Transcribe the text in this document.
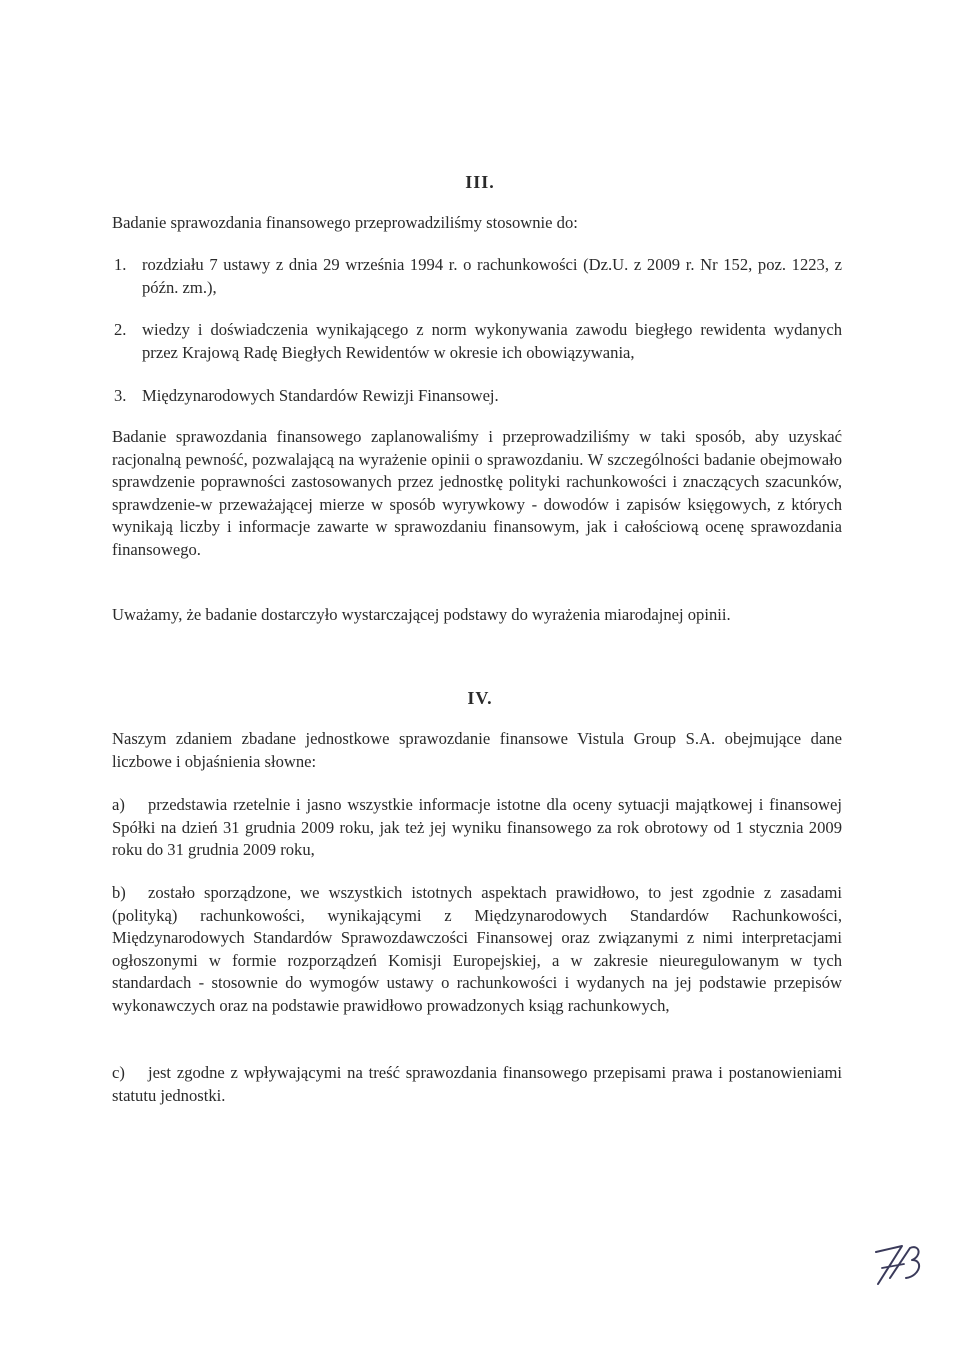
III.
Badanie sprawozdania finansowego przeprowadziliśmy stosownie do:
1. rozdziału 7 ustawy z dnia 29 września 1994 r. o rachunkowości (Dz.U. z 2009 r. Nr 152, poz. 1223, z późn. zm.),
2. wiedzy i doświadczenia wynikającego z norm wykonywania zawodu biegłego rewidenta wydanych przez Krajową Radę Biegłych Rewidentów w okresie ich obowiązywania,
3. Międzynarodowych Standardów Rewizji Finansowej.
Badanie sprawozdania finansowego zaplanowaliśmy i przeprowadziliśmy w taki sposób, aby uzyskać racjonalną pewność, pozwalającą na wyrażenie opinii o sprawozdaniu. W szczególności badanie obejmowało sprawdzenie poprawności zastosowanych przez jednostkę polityki rachunkowości i znaczących szacunków, sprawdzenie-w przeważającej mierze w sposób wyrywkowy - dowodów i zapisów księgowych, z których wynikają liczby i informacje zawarte w sprawozdaniu finansowym, jak i całościową ocenę sprawozdania finansowego.
Uważamy, że badanie dostarczyło wystarczającej podstawy do wyrażenia miarodajnej opinii.
IV.
Naszym zdaniem zbadane jednostkowe sprawozdanie finansowe Vistula Group S.A. obejmujące dane liczbowe i objaśnienia słowne:
a)	przedstawia rzetelnie i jasno wszystkie informacje istotne dla oceny sytuacji majątkowej i finansowej Spółki na dzień 31 grudnia 2009 roku, jak też jej wyniku finansowego za rok obrotowy od 1 stycznia 2009 roku do 31 grudnia 2009 roku,
b)	zostało sporządzone, we wszystkich istotnych aspektach prawidłowo, to jest zgodnie z zasadami (polityką) rachunkowości, wynikającymi z Międzynarodowych Standardów Rachunkowości, Międzynarodowych Standardów Sprawozdawczości Finansowej oraz związanymi z nimi interpretacjami ogłoszonymi w formie rozporządzeń Komisji Europejskiej, a w zakresie nieuregulowanym w tych standardach - stosownie do wymogów ustawy o rachunkowości i wydanych na jej podstawie przepisów wykonawczych oraz na podstawie prawidłowo prowadzonych ksiąg rachunkowych,
c)	jest zgodne z wpływającymi na treść sprawozdania finansowego przepisami prawa i postanowieniami statutu jednostki.
